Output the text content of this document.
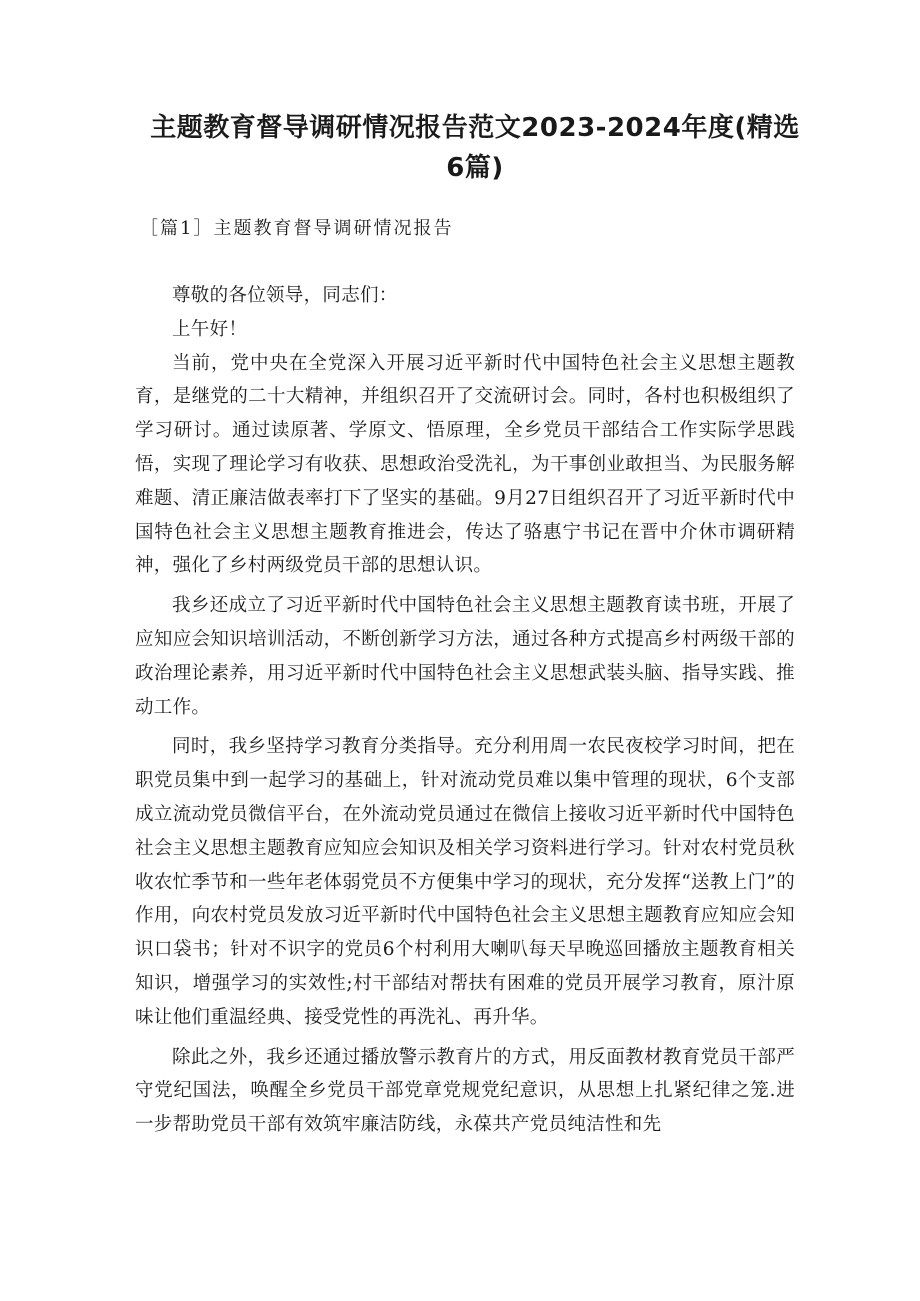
主题教育督导调研情况报告范文2023-2024年度(精选6篇)
［篇1］主题教育督导调研情况报告

尊敬的各位领导，同志们：

上午好！

当前，党中央在全党深入开展习近平新时代中国特色社会主义思想主题教育，是继党的二十大精神，并组织召开了交流研讨会。同时，各村也积极组织了学习研讨。通过读原著、学原文、悟原理，全乡党员干部结合工作实际学思践悟，实现了理论学习有收获、思想政治受洗礼，为干事创业敢担当、为民服务解难题、清正廉洁做表率打下了坚实的基础。9月27日组织召开了习近平新时代中国特色社会主义思想主题教育推进会，传达了骆惠宁书记在晋中介休市调研精神，强化了乡村两级党员干部的思想认识。

我乡还成立了习近平新时代中国特色社会主义思想主题教育读书班，开展了应知应会知识培训活动，不断创新学习方法，通过各种方式提高乡村两级干部的政治理论素养，用习近平新时代中国特色社会主义思想武装头脑、指导实践、推动工作。

同时，我乡坚持学习教育分类指导。充分利用周一农民夜校学习时间，把在职党员集中到一起学习的基础上，针对流动党员难以集中管理的现状，6个支部成立流动党员微信平台，在外流动党员通过在微信上接收习近平新时代中国特色社会主义思想主题教育应知应会知识及相关学习资料进行学习。针对农村党员秋收农忙季节和一些年老体弱党员不方便集中学习的现状，充分发挥“送教上门”的作用，向农村党员发放习近平新时代中国特色社会主义思想主题教育应知应会知识口袋书；针对不识字的党员6个村利用大喇叭每天早晚巡回播放主题教育相关知识，增强学习的实效性;村干部结对帮扶有困难的党员开展学习教育，原汁原味让他们重温经典、接受党性的再洗礼、再升华。

除此之外，我乡还通过播放警示教育片的方式，用反面教材教育党员干部严守党纪国法，唤醒全乡党员干部党章党规党纪意识，从思想上扎紧纪律之笼.进一步帮助党员干部有效筑牢廉洁防线，永葆共产党员纯洁性和先
